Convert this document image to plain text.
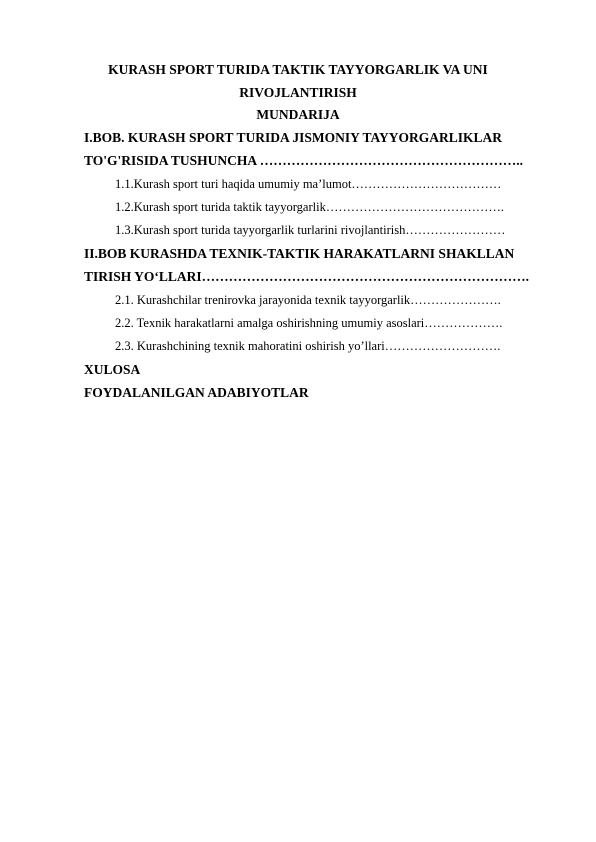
KURASH SPORT TURIDA TAKTIK TAYYORGARLIK VA UNI
RIVOJLANTIRISH
MUNDARIJA
I.BOB. KURASH SPORT TURIDA JISMONIY TAYYORGARLIKLAR
TO'G'RISIDA TUSHUNCHA …………………………………………………..
1.1.Kurash sport turi haqida umumiy ma’lumot………………………………
1.2.Kurash sport turida taktik tayyorgarlik…………………………………….
1.3.Kurash sport turida tayyorgarlik turlarini rivojlantirish……………………
II.BOB KURASHDA TEXNIK-TAKTIK HARAKATLARNI SHAKLLAN
TIRISH YO‘LLARI……………………………………………………………….
2.1. Kurashchilar trenirovka jarayonida texnik tayyorgarlik………………….
2.2. Texnik harakatlarni amalga oshirishning umumiy asoslari……………….
2.3. Kurashchining texnik mahoratini oshirish yo’llari……………………….
XULOSA
FOYDALANILGAN ADABIYOTLAR
